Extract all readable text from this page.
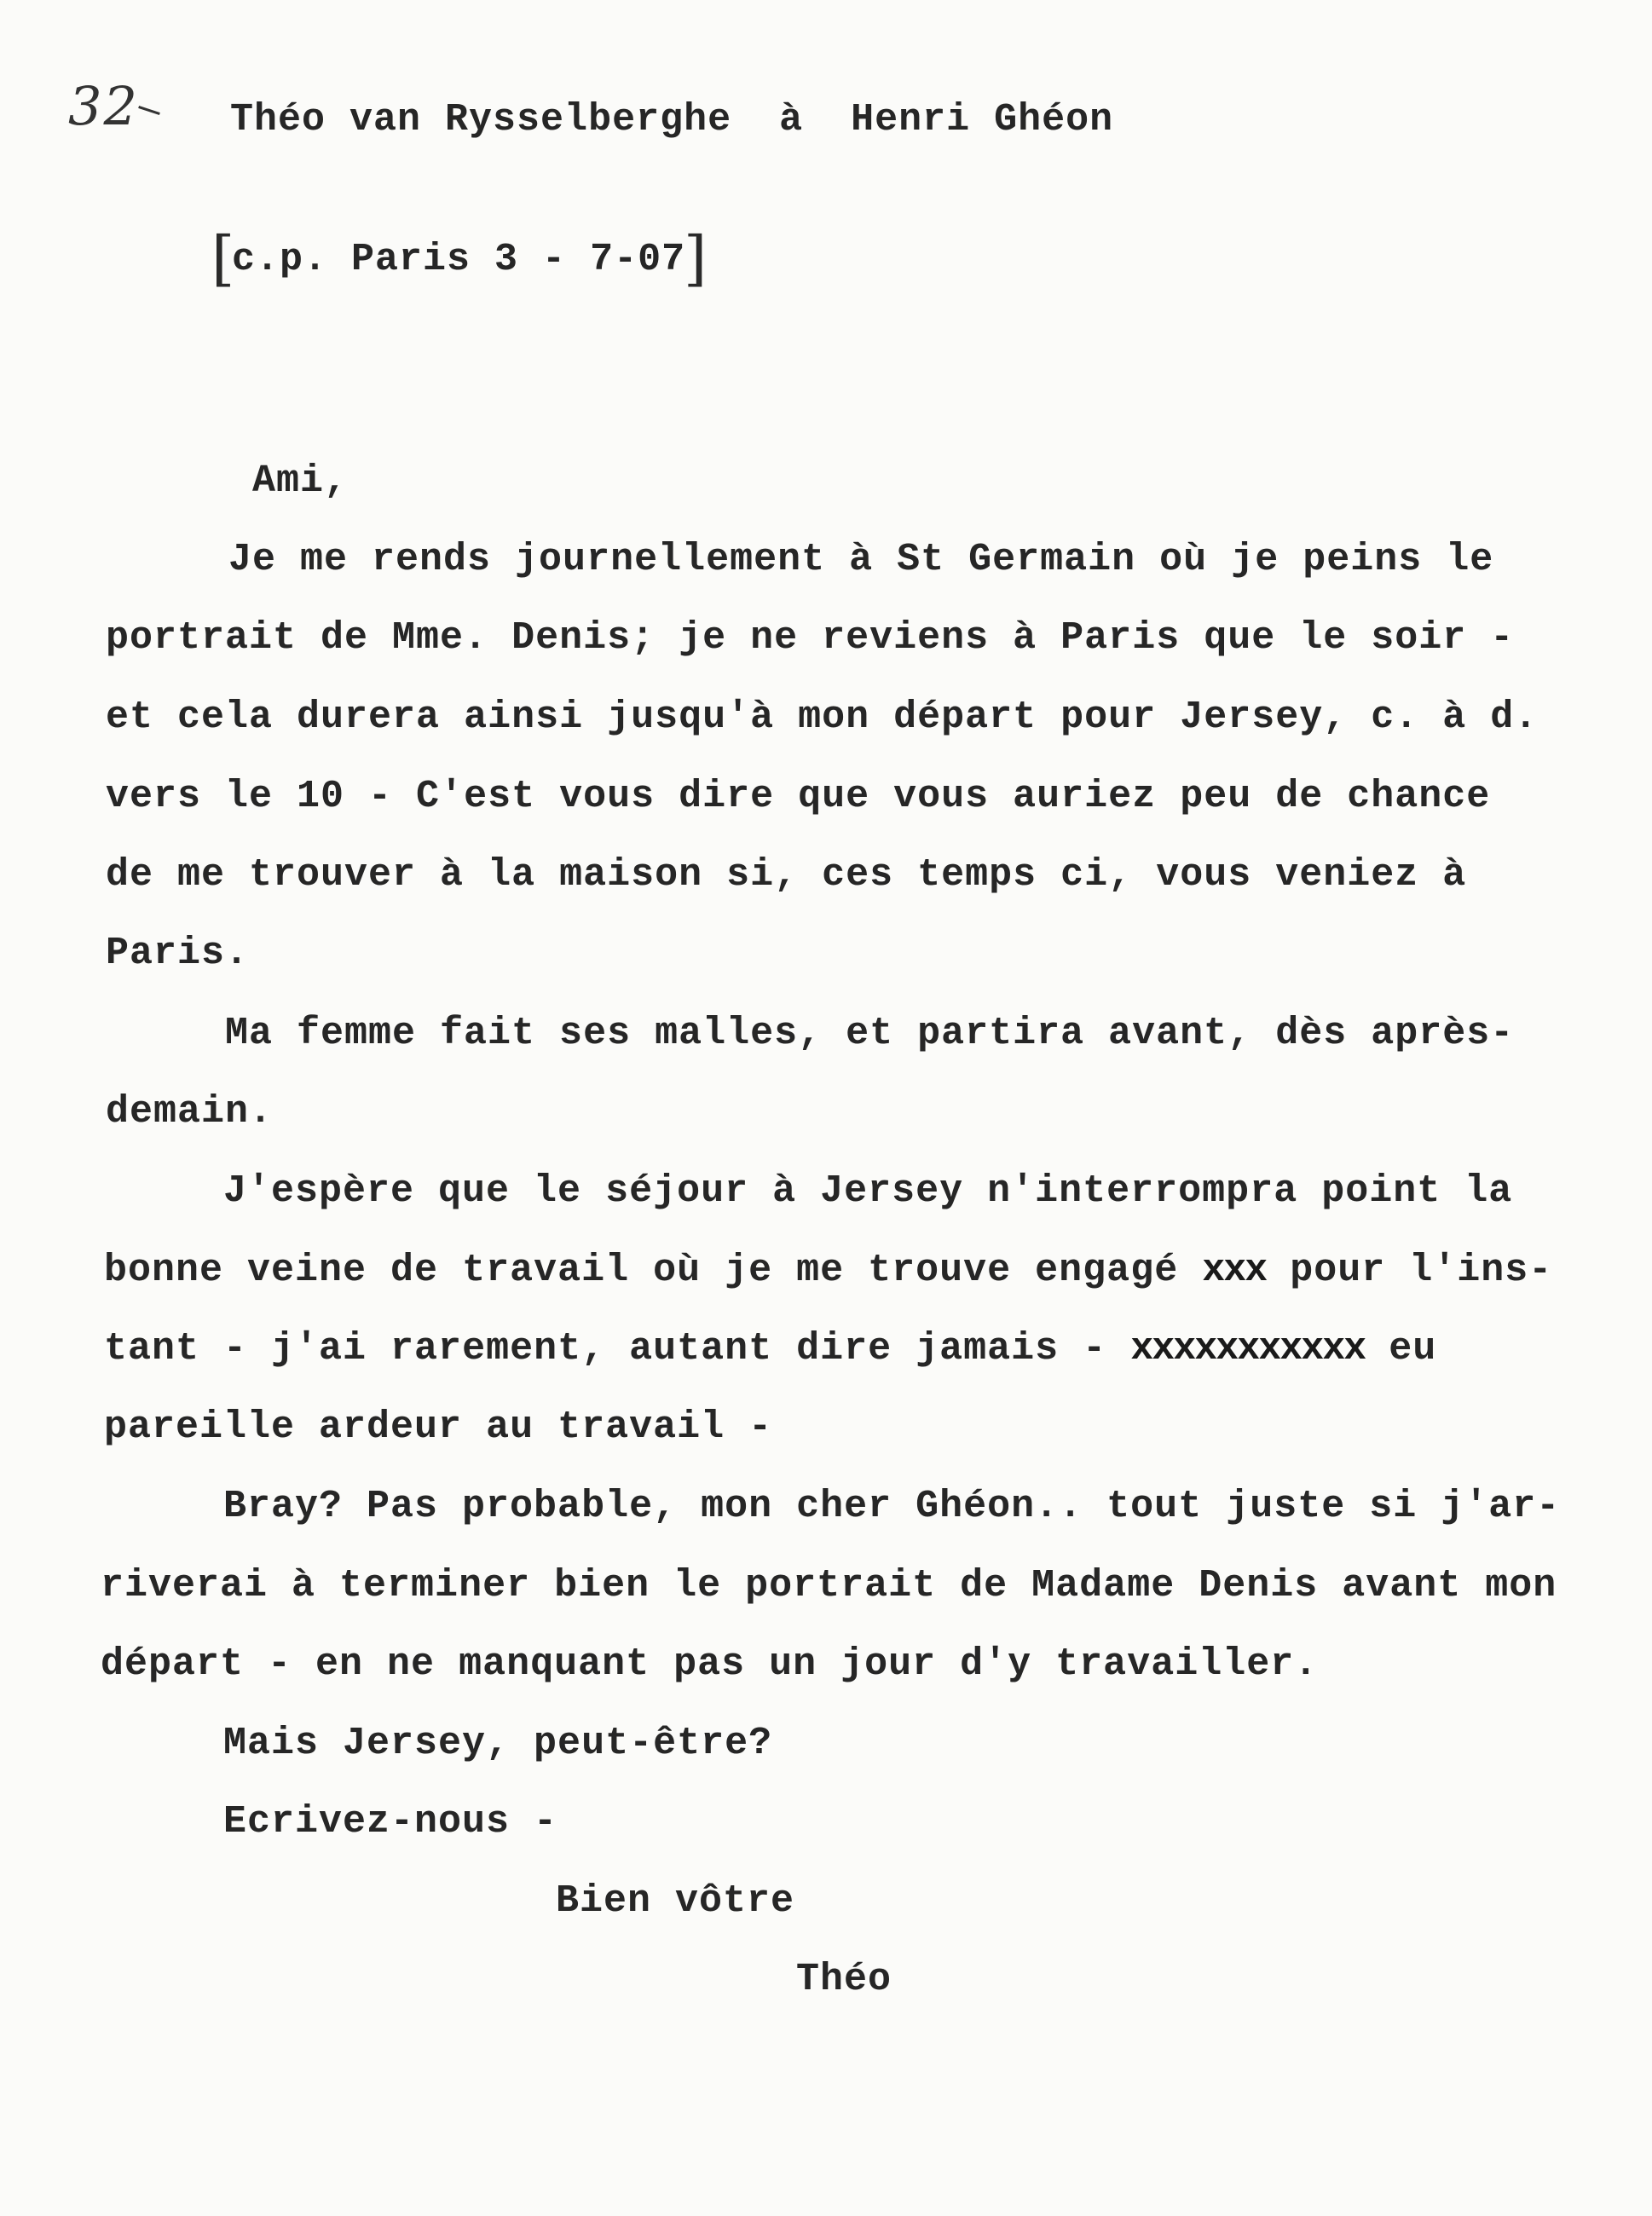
32 Théo van Rysselberghe  à  Henri Ghéon
[
c.p. Paris 3 - 7-07
]
Ami,
Je me rends journellement à St Germain où je peins le
portrait de Mme. Denis; je ne reviens à Paris que le soir -
et cela durera ainsi jusqu'à mon départ pour Jersey, c. à d.
vers le 10 - C'est vous dire que vous auriez peu de chance
de me trouver à la maison si, ces temps ci, vous veniez à
Paris.
Ma femme fait ses malles, et partira avant, dès après-
demain.
J'espère que le séjour à Jersey n'interrompra point la
bonne veine de travail où je me trouve engagé xxx pour l'ins-
tant - j'ai rarement, autant dire jamais - xxxxxxxxxxx eu
pareille ardeur au travail -
Bray? Pas probable, mon cher Ghéon.. tout juste si j'ar-
riverai à terminer bien le portrait de Madame Denis avant mon
départ - en ne manquant pas un jour d'y travailler.
Mais Jersey, peut-être?
Ecrivez-nous -
Bien vôtre
Théo
